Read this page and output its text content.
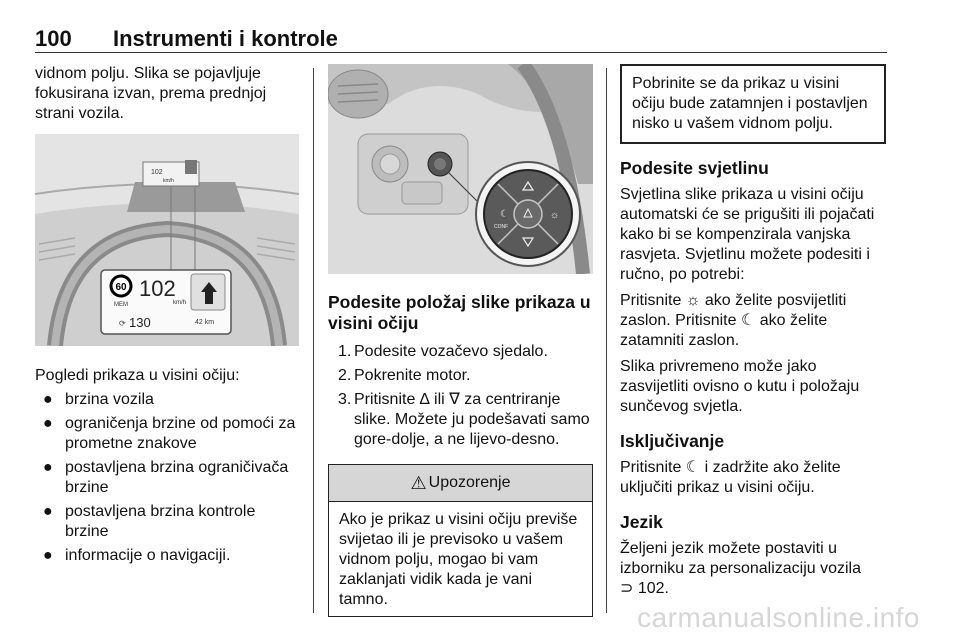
100 Instrumenti i kontrole

vidnom polju. Slika se pojavljuje fokusirana izvan, prema prednjoj strani vozila.

102
km/h
60
MEM
102
km/h
⟳ 130	42 km

Pogledi prikaza u visini očiju:

● brzina vozila
● ograničenja brzine od pomoći za prometne znakove
● postavljena brzina ograničivača brzine
● postavljena brzina kontrole brzine
● informacije o navigaciji.
☾	☼
CONF
Podesite položaj slike prikaza u visini očiju
1. Podesite vozačevo sjedalo.
2. Pokrenite motor.
3. Pritisnite ∆ ili ∇ za centriranje slike. Možete ju podešavati samo gore-dolje, a ne lijevo-desno.
⚠ Upozorenje
Ako je prikaz u visini očiju previše svijetao ili je previsoko u vašem vidnom polju, mogao bi vam zaklanjati vidik kada je vani tamno.
Pobrinite se da prikaz u visini očiju bude zatamnjen i postavljen nisko u vašem vidnom polju.
Podesite svjetlinu

Svjetlina slike prikaza u visini očiju automatski će se prigušiti ili pojačati kako bi se kompenzirala vanjska rasvjeta. Svjetlinu možete podesiti i ručno, po potrebi:

Pritisnite ☼ ako želite posvijetliti zaslon. Pritisnite ☾ ako želite zatamniti zaslon.

Slika privremeno može jako zasvijetliti ovisno o kutu i položaju sunčevog svjetla.

Isključivanje

Pritisnite ☾ i zadržite ako želite uključiti prikaz u visini očiju.

Jezik

Željeni jezik možete postaviti u izborniku za personalizaciju vozila
⊃ 102.

carmanualsonline.info
